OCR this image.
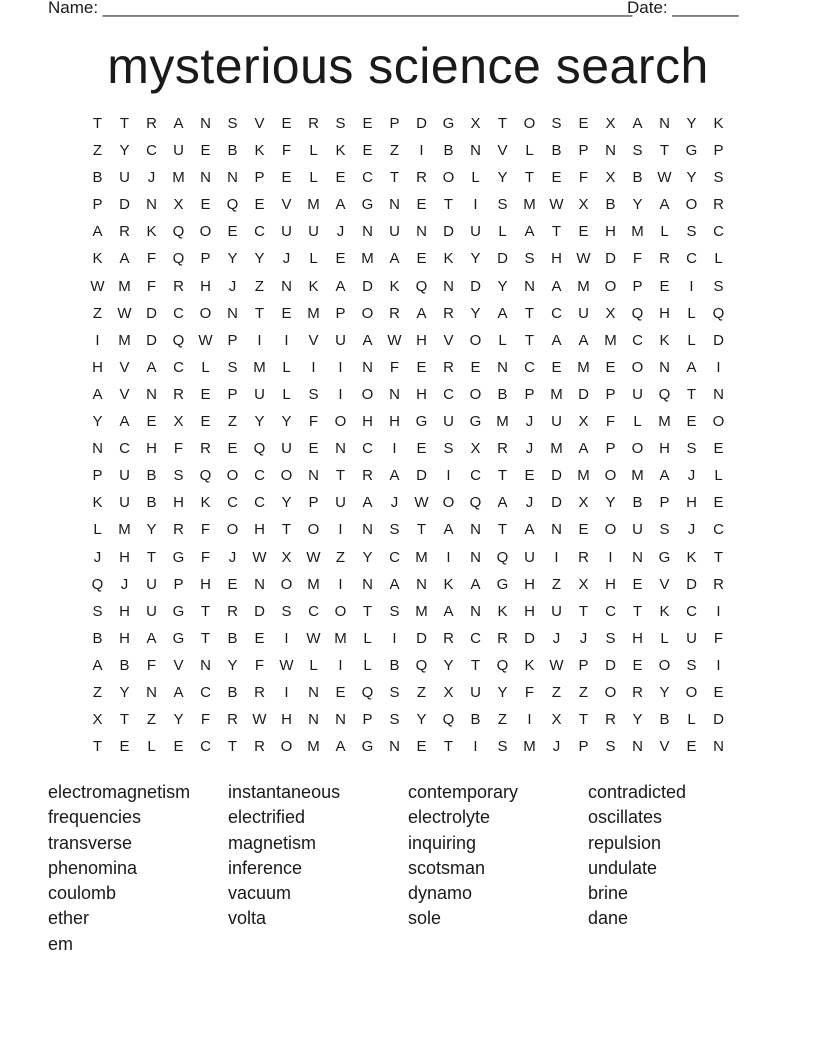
Name: ________________________________________________________
Date: _______
mysterious science search
T	T	R	A	N	S	V	E	R	S	E	P	D	G	X	T	O	S	E	X	A	N	Y	K
Z	Y	C	U	E	B	K	F	L	K	E	Z	I	B	N	V	L	B	P	N	S	T	G	P
B	U	J	M	N	N	P	E	L	E	C	T	R	O	L	Y	T	E	F	X	B W Y	S
P	D	N	X	E	Q	E	V	M	A	G	N	E	T	I	S	M W X	B	Y	A	O	R
A	R	K	Q	O	E	C	U	U	J	N	U	N	D	U	L	A	T	E	H	M	L	S	C
K	A	F	Q	P	Y	Y	J	L	E	M	A	E	K	Y	D	S	H W D	F	R	C	L
W M	F	R	H	J	Z	N	K	A	D	K	Q	N	D	Y	N	A	M O	P	E	I	S
Z	W D	C	O	N	T	E	M	P	O	R	A	R	Y	A	T	C	U	X	Q	H	L	Q
I	M	D	Q W P	I	I	V	U	A W H	V	O	L	T	A	A	M	C	K	L	D
H	V	A	C	L	S	M	L	I	I	N	F	E	R	E	N	C	E	M	E	O	N	A	I
A	V	N	R	E	P	U	L	S	I	O	N	H	C	O	B	P	M	D	P	U	Q	T	N
Y	A	E	X	E	Z	Y	Y	F	O	H	H	G	U	G M	J	U	X	F	L	M	E	O
N	C	H	F	R	E	Q	U	E	N	C	I	E	S	X	R	J	M	A	P	O	H	S	E
P	U	B	S	Q	O	C	O	N	T	R	A	D	I	C	T	E	D	M O M	A	J	L
K	U	B	H	K	C	C	Y	P	U	A	J	W O	Q	A	J	D	X	Y	B	P	H	E
L	M	Y	R	F	O	H	T	O	I	N	S	T	A	N	T	A	N	E	O	U	S	J	C
J	H	T	G	F	J	W X W	Z	Y	C	M	I	N	Q	U	I	R	I	N	G	K	T
Q	J	U	P	H	E	N	O M	I	N	A	N	K	A	G	H	Z	X	H	E	V	D	R
S	H	U	G	T	R	D	S	C	O	T	S	M	A	N	K	H	U	T	C	T	K	C	I
B	H	A	G	T	B	E	I	W M	L	I	D	R	C	R	D	J	J	S	H	L	U	F
A	B	F	V	N	Y	F	W	L	I	L	B	Q	Y	T	Q	K W P	D	E	O	S	I
Z	Y	N	A	C	B	R	I	N	E	Q	S	Z	X	U	Y	F	Z	Z	O	R	Y	O	E
X	T	Z	Y	F	R W H	N	N	P	S	Y	Q	B	Z	I	X	T	R	Y	B	L	D
T	E	L	E	C	T	R	O M	A	G	N	E	T	I	S	M	J	P	S	N	V	E	N
electromagnetism	instantaneous	contemporary	contradicted
frequencies	electrified	electrolyte	oscillates
transverse	magnetism	inquiring	repulsion
phenomina	inference	scotsman	undulate
coulomb	vacuum	dynamo	brine
ether	volta	sole	dane
em
